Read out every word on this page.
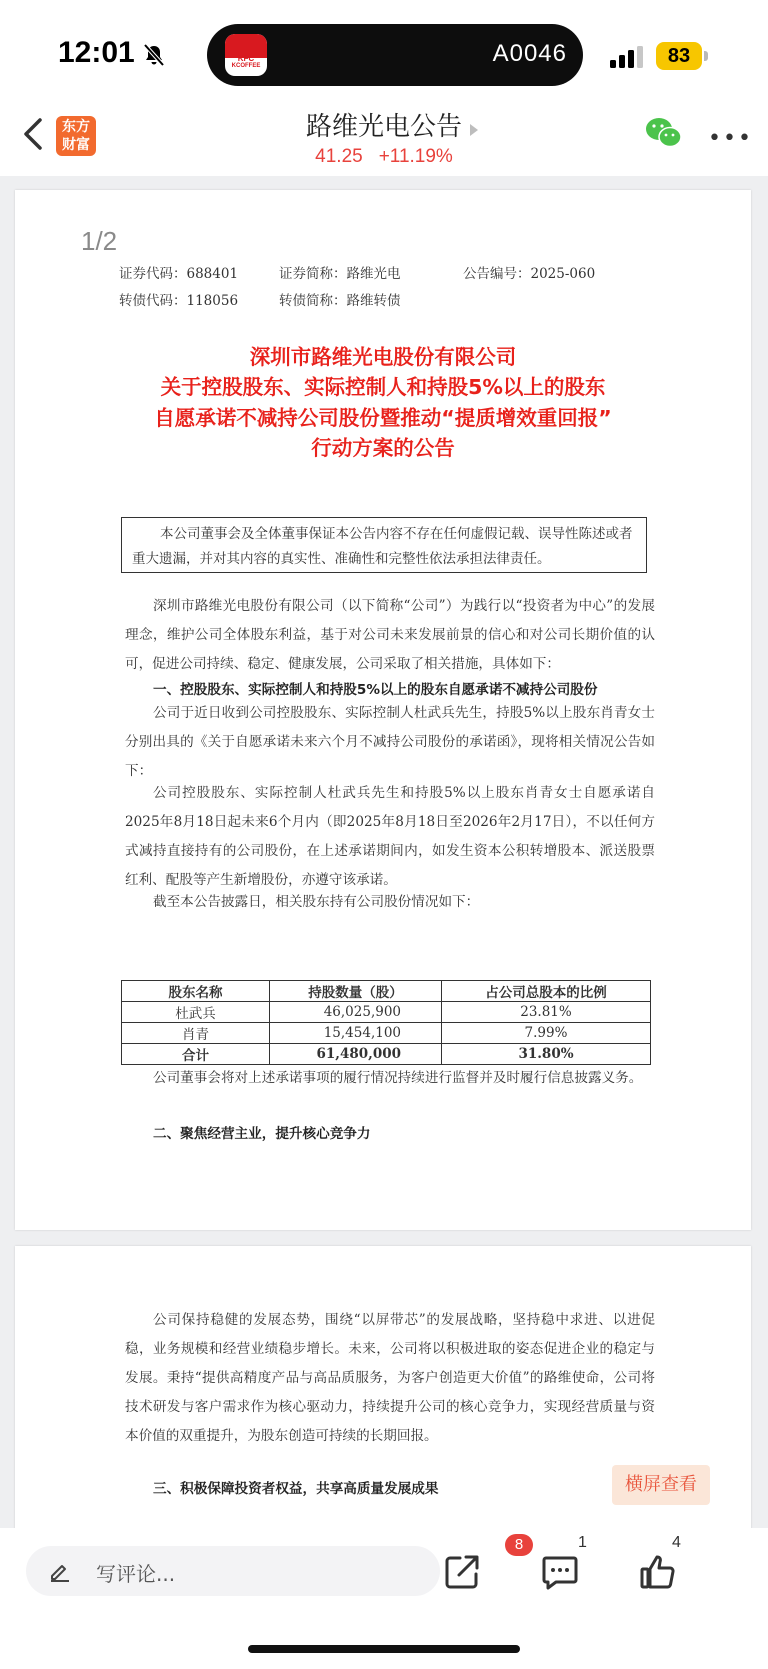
12:01	KFC
KCOFFEE	A0046	83
东方
财富
路维光电公告
41.25 +11.19%
•••
1/2
证券代码：688401	证券简称：路维光电	公告编号：2025-060
转债代码：118056	转债简称：路维转债
深圳市路维光电股份有限公司
关于控股股东、实际控制人和持股5%以上的股东
自愿承诺不减持公司股份暨推动“提质增效重回报”
行动方案的公告
本公司董事会及全体董事保证本公告内容不存在任何虚假记载、误导性陈述或者重大遗漏，并对其内容的真实性、准确性和完整性依法承担法律责任。
深圳市路维光电股份有限公司（以下简称“公司”）为践行以“投资者为中心”的发展理念，维护公司全体股东利益，基于对公司未来发展前景的信心和对公司长期价值的认可，促进公司持续、稳定、健康发展，公司采取了相关措施，具体如下：
一、控股股东、实际控制人和持股5%以上的股东自愿承诺不减持公司股份
公司于近日收到公司控股股东、实际控制人杜武兵先生，持股5%以上股东肖青女士分别出具的《关于自愿承诺未来六个月不减持公司股份的承诺函》，现将相关情况公告如下：
公司控股股东、实际控制人杜武兵先生和持股5%以上股东肖青女士自愿承诺自2025年8月18日起未来6个月内（即2025年8月18日至2026年2月17日），不以任何方式减持直接持有的公司股份，在上述承诺期间内，如发生资本公积转增股本、派送股票红利、配股等产生新增股份，亦遵守该承诺。
截至本公告披露日，相关股东持有公司股份情况如下：
股东名称	持股数量（股）	占公司总股本的比例
杜武兵	46,025,900	23.81%
肖青	15,454,100	7.99%
合计	61,480,000	31.80%
公司董事会将对上述承诺事项的履行情况持续进行监督并及时履行信息披露义务。
二、聚焦经营主业，提升核心竞争力
公司保持稳健的发展态势，围绕“以屏带芯”的发展战略，坚持稳中求进、以进促稳，业务规模和经营业绩稳步增长。未来，公司将以积极进取的姿态促进企业的稳定与发展。秉持“提供高精度产品与高品质服务，为客户创造更大价值”的路维使命，公司将技术研发与客户需求作为核心驱动力，持续提升公司的核心竞争力，实现经营质量与资本价值的双重提升，为股东创造可持续的长期回报。
三、积极保障投资者权益，共享高质量发展成果	横屏查看
写评论...
8	1	4
